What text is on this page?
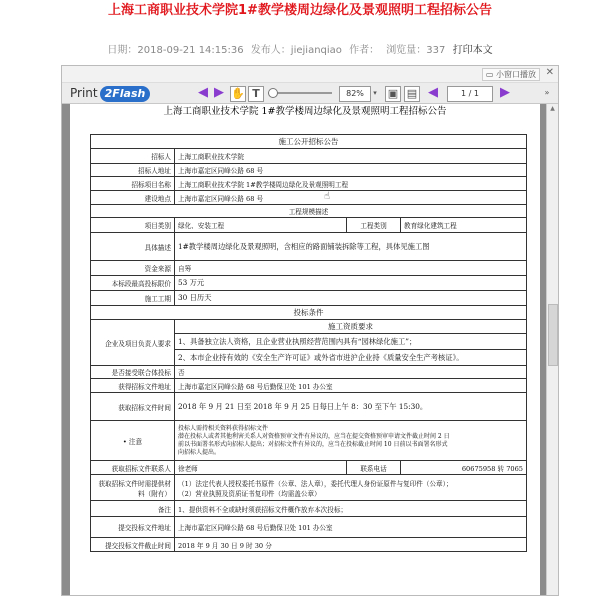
上海工商职业技术学院1#教学楼周边绿化及景观照明工程招标公告
日期：2018-09-21 14:15:36 发布人：jiejianqiao 作者： 浏览量：337 打印本文
▭ 小窗口播放 ✕
Print 2Flash	◀ ▶ ✋ T	82%	▾ ▣ ▤ ◀	1 / 1	▶	»
上海工商职业技术学院 1#教学楼周边绿化及景观照明工程招标公告
施工公开招标公告			
招标人	上海工商职业技术学院		
招标人地址	上海市嘉定区同峰公路 68 号		
招标项目名称	上海工商职业技术学院 1#教学楼周边绿化及景观照明工程		
建设地点	上海市嘉定区同峰公路 68 号		
工程规模描述			
项目类别	绿化、安装工程	工程类别	教育绿化建筑工程
具体描述	1#教学楼周边绿化及景观照明，含相应的路面铺装拆除等工程，具体见施工图		
资金来源	自筹		
本标段最高投标限价	53 万元		
施工工期	30 日历天		
投标条件			
企业及项目负责人要求	施工资质要求		
	1、具备独立法人资格，且企业营业执照经营范围内具有“园林绿化施工”；		
	2、本市企业持有效的《安全生产许可证》或外省市进沪企业持《质量安全生产考核证》。		
是否接受联合体投标	否		
获得招标文件地址	上海市嘉定区同峰公路 68 号后勤保卫处 101 办公室		
获取招标文件时间	2018 年 9 月 21 日至 2018 年 9 月 25 日每日上午 8：30 至下午 15:30。		
• 注意	投标人需持相关资料获得招标文件
潜在投标人或者其他利害关系人对资格预审文件有异议的，应当在提交资格预审申请文件截止时间 2 日
前以书面署名形式向招标人提出；对招标文件有异议的，应当在投标截止时间 10 日前以书面署名形式
向招标人提出。		

获取招标文件联系人	徐老师	联系电话	60675958 转 7065
获取招标文件时需提供材料（附有）	（1）法定代表人授权委托书原件（公章、法人章），委托代理人身份证原件与复印件（公章）；
（2）营业执照及资质证书复印件（均需盖公章）		

备注	1、提供资料不全或缺时须获招标文件概作放弃本次投标；		
提交投标文件地址	上海市嘉定区同峰公路 68 号后勤保卫处 101 办公室		
提交投标文件截止时间	2018 年 9 月 30 日 9 时 30 分		
☝
▲
